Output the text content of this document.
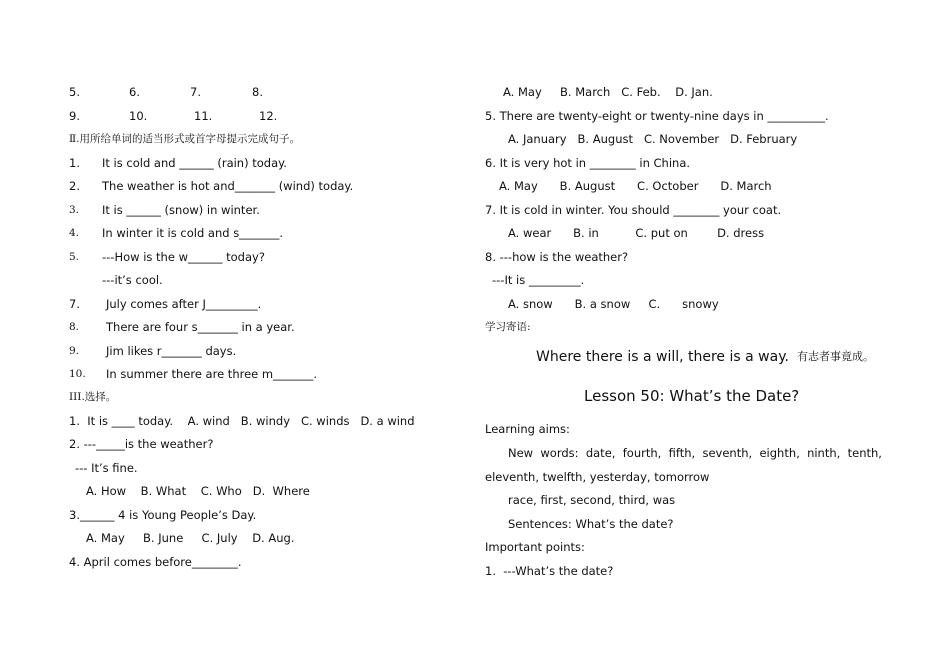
5.	6.	7.	8.
9.	10.	11.	12.
Ⅱ.用所给单词的适当形式或首字母提示完成句子。
1. It is cold and ______ (rain) today.
2. The weather is hot and_______ (wind) today.
3. It is ______ (snow) in winter.
4. In winter it is cold and s_______.
5. ---How is the w______ today?
---it’s cool.
7. July comes after J_________.
8. There are four s_______ in a year.
9. Jim likes r_______ days.
10. In summer there are three m_______.
III.选择。
1.  It is ____ today.    A. wind   B. windy   C. winds   D. a wind
2. ---_____is the weather?
--- It’s fine.
A. How    B. What    C. Who   D.  Where
3.______ 4 is Young People’s Day.
A. May     B. June     C. July    D. Aug.
4. April comes before________.
A. May     B. March   C. Feb.    D. Jan.
5. There are twenty-eight or twenty-nine days in __________.
A. January   B. August   C. November   D. February
6. It is very hot in ________ in China.
A. May      B. August      C. October      D. March
7. It is cold in winter. You should ________ your coat.
A. wear      B. in          C. put on        D. dress
8. ---how is the weather?
---It is _________.
A. snow      B. a snow     C.      snowy
学习寄语:
Where there is a will, there is a way. 有志者事竟成。
Lesson 50: What’s the Date?
Learning aims:
New  words:  date,  fourth,  fifth,  seventh,  eighth,  ninth,  tenth,
eleventh, twelfth, yesterday, tomorrow
race, first, second, third, was
Sentences: What’s the date?
Important points:
1.  ---What’s the date?
